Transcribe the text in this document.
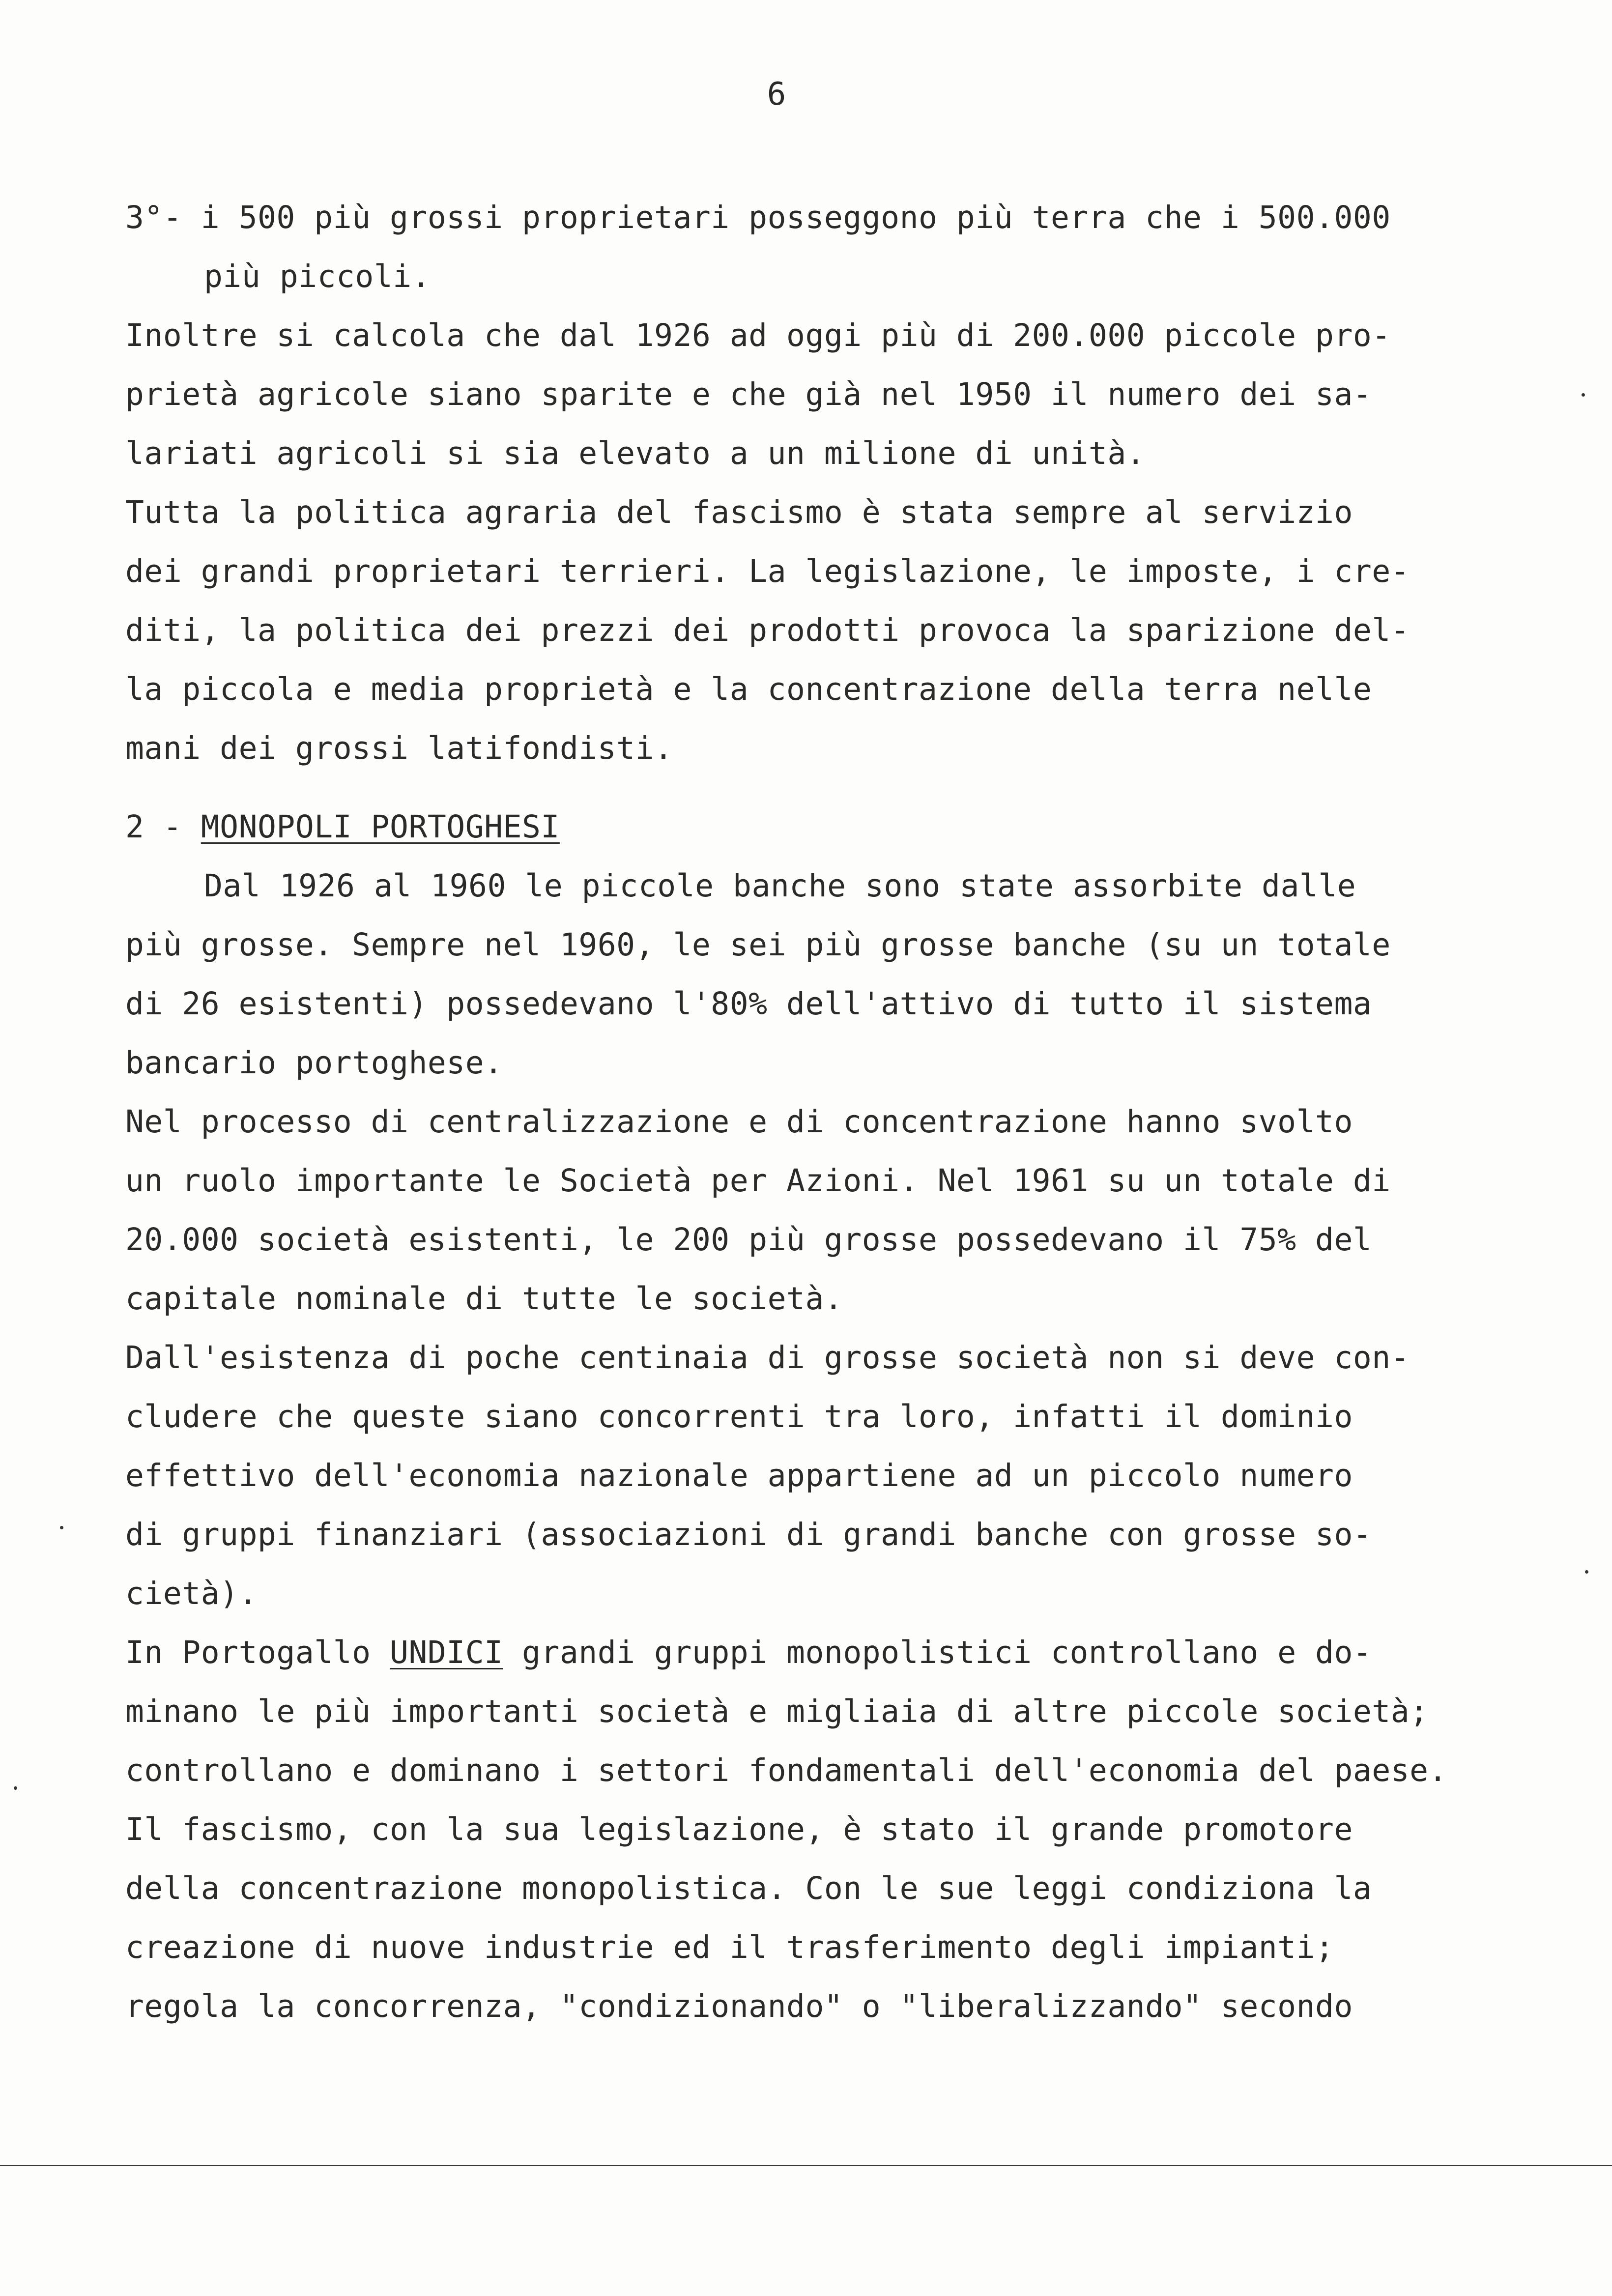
6
3°- i 500 più grossi proprietari posseggono più terra che i 500.000
più piccoli.
Inoltre si calcola che dal 1926 ad oggi più di 200.000 piccole pro-
prietà agricole siano sparite e che già nel 1950 il numero dei sa-
lariati agricoli si sia elevato a un milione di unità.
Tutta la politica agraria del fascismo è stata sempre al servizio
dei grandi proprietari terrieri. La legislazione, le imposte, i cre-
diti, la politica dei prezzi dei prodotti provoca la sparizione del-
la piccola e media proprietà e la concentrazione della terra nelle
mani dei grossi latifondisti.
Dal 1926 al 1960 le piccole banche sono state assorbite dalle
più grosse. Sempre nel 1960, le sei più grosse banche (su un totale
di 26 esistenti) possedevano l'80% dell'attivo di tutto il sistema
bancario portoghese.
Nel processo di centralizzazione e di concentrazione hanno svolto
un ruolo importante le Società per Azioni. Nel 1961 su un totale di
20.000 società esistenti, le 200 più grosse possedevano il 75% del
capitale nominale di tutte le società.
Dall'esistenza di poche centinaia di grosse società non si deve con-
cludere che queste siano concorrenti tra loro, infatti il dominio
effettivo dell'economia nazionale appartiene ad un piccolo numero
di gruppi finanziari (associazioni di grandi banche con grosse so-
cietà).
minano le più importanti società e migliaia di altre piccole società;
controllano e dominano i settori fondamentali dell'economia del paese.
Il fascismo, con la sua legislazione, è stato il grande promotore
della concentrazione monopolistica. Con le sue leggi condiziona la
creazione di nuove industrie ed il trasferimento degli impianti;
regola la concorrenza, "condizionando" o "liberalizzando" secondo
2 - MONOPOLI PORTOGHESI
In Portogallo UNDICI grandi gruppi monopolistici controllano e do-
